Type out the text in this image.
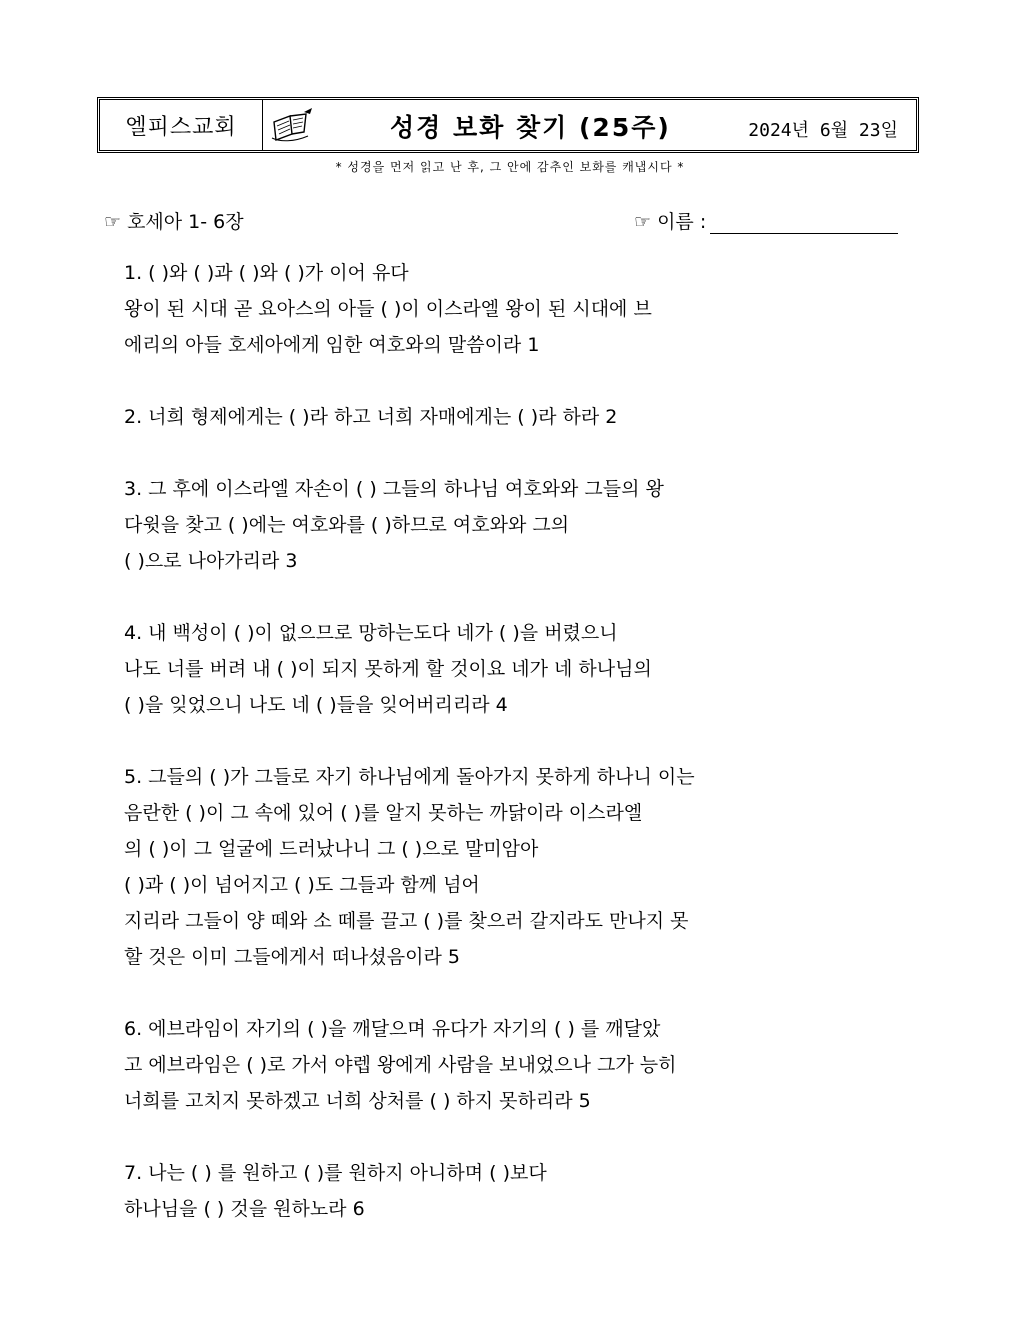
엘피스교회	성경 보화 찾기 (25주)	2024년 6월 23일
* 성경을 먼저 읽고 난 후, 그 안에 감추인 보화를 캐냅시다 *
☞ 호세아 1- 6장	☞ 이름 :
1. ( )와 ( )과 ( )와 ( )가 이어 유다
왕이 된 시대 곧 요아스의 아들 ( )이 이스라엘 왕이 된 시대에 브
에리의 아들 호세아에게 임한 여호와의 말씀이라 1
2. 너희 형제에게는 ( )라 하고 너희 자매에게는 ( )라 하라 2
3. 그 후에 이스라엘 자손이 ( ) 그들의 하나님 여호와와 그들의 왕
다윗을 찾고 ( )에는 여호와를 ( )하므로 여호와와 그의
( )으로 나아가리라 3
4. 내 백성이 ( )이 없으므로 망하는도다 네가 ( )을 버렸으니
나도 너를 버려 내 ( )이 되지 못하게 할 것이요 네가 네 하나님의
( )을 잊었으니 나도 네 ( )들을 잊어버리리라 4
5. 그들의 ( )가 그들로 자기 하나님에게 돌아가지 못하게 하나니 이는
음란한 ( )이 그 속에 있어 ( )를 알지 못하는 까닭이라 이스라엘
의 ( )이 그 얼굴에 드러났나니 그 ( )으로 말미암아
( )과 ( )이 넘어지고 ( )도 그들과 함께 넘어
지리라 그들이 양 떼와 소 떼를 끌고 ( )를 찾으러 갈지라도 만나지 못
할 것은 이미 그들에게서 떠나셨음이라 5
6. 에브라임이 자기의 ( )을 깨달으며 유다가 자기의 ( ) 를 깨달았
고 에브라임은 ( )로 가서 야렙 왕에게 사람을 보내었으나 그가 능히
너희를 고치지 못하겠고 너희 상처를 ( ) 하지 못하리라 5
7. 나는 ( ) 를 원하고 ( )를 원하지 아니하며 ( )보다
하나님을 ( ) 것을 원하노라 6
